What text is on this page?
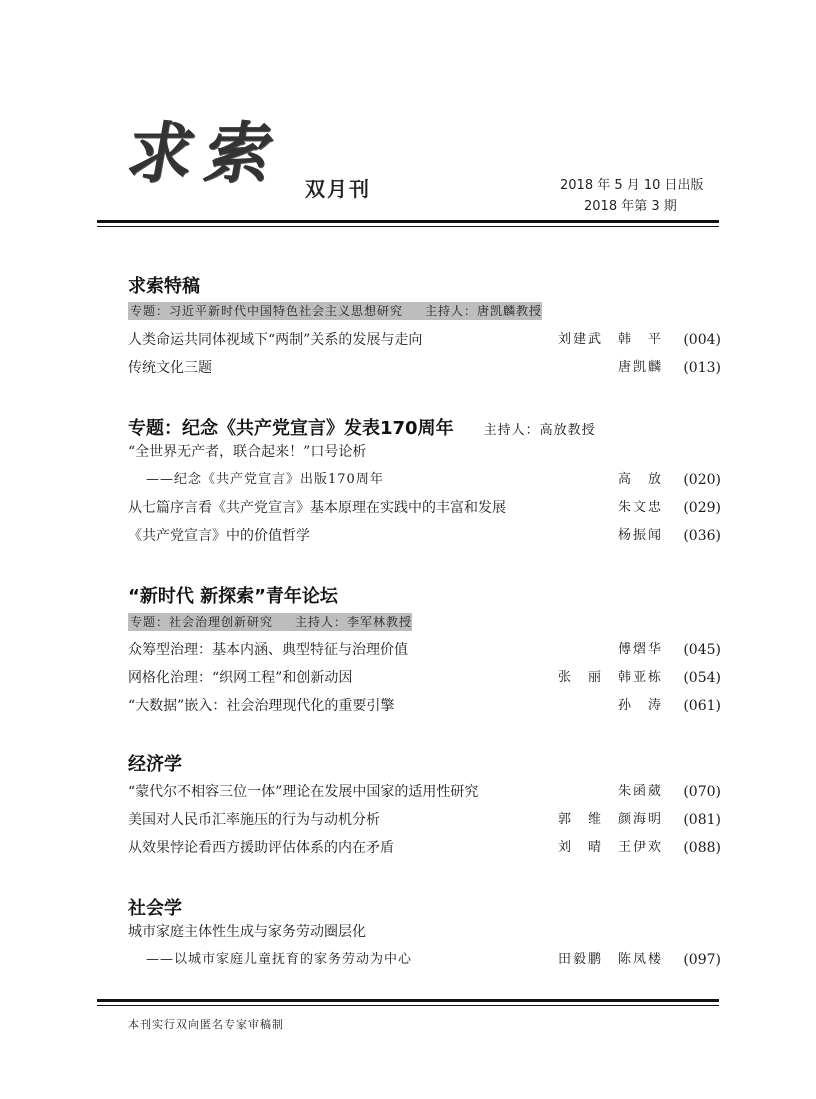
求索 双月刊	2018 年 5 月 10 日出版
2018 年第 3 期
求索特稿
专题：习近平新时代中国特色社会主义思想研究 主持人：唐凯麟教授
人类命运共同体视域下“两制”关系的发展与走向	刘建武　韩　平 (004)
传统文化三题	唐凯麟 (013)
专题：纪念《共产党宣言》发表170周年 主持人：高放教授
“全世界无产者，联合起来！”口号论析
——纪念《共产党宣言》出版170周年	高　放 (020)
从七篇序言看《共产党宣言》基本原理在实践中的丰富和发展	朱文忠 (029)
《共产党宣言》中的价值哲学	杨振闻 (036)
“新时代 新探索”青年论坛
专题：社会治理创新研究 主持人：李军林教授
众筹型治理：基本内涵、典型特征与治理价值	傅熠华 (045)
网格化治理：“织网工程”和创新动因	张　丽　韩亚栋 (054)
“大数据”嵌入：社会治理现代化的重要引擎	孙　涛 (061)
经济学
“蒙代尔不相容三位一体”理论在发展中国家的适用性研究	朱函葳 (070)
美国对人民币汇率施压的行为与动机分析	郭　维　颜海明 (081)
从效果悖论看西方援助评估体系的内在矛盾	刘　晴　王伊欢 (088)
社会学
城市家庭主体性生成与家务劳动圈层化
——以城市家庭儿童抚育的家务劳动为中心	田毅鹏　陈凤楼 (097)
本刊实行双向匿名专家审稿制
